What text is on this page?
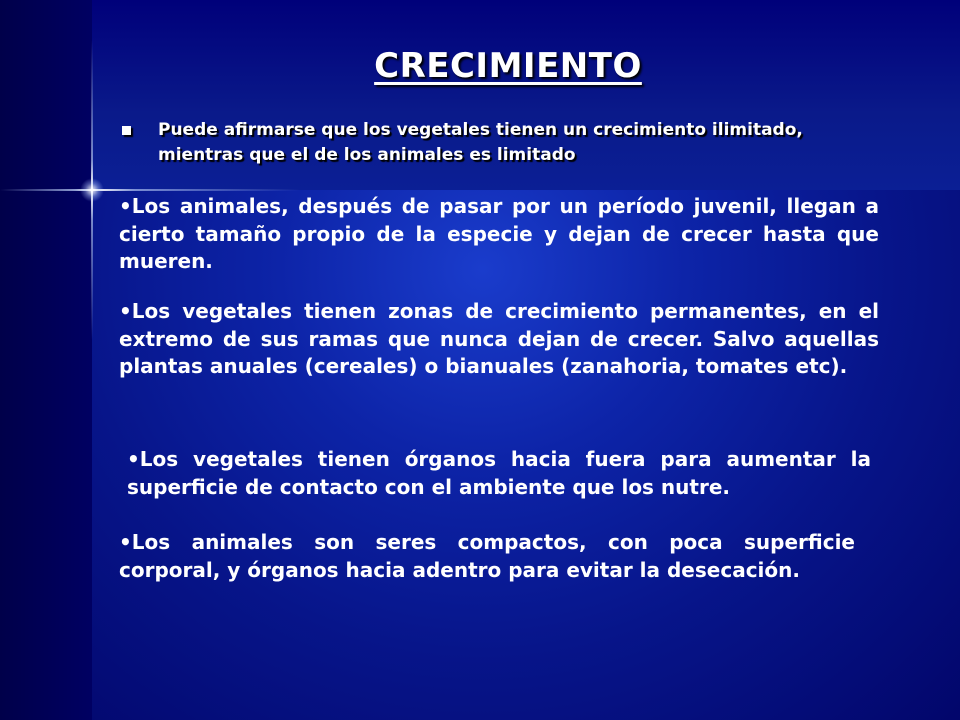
CRECIMIENTO
Puede afirmarse que los vegetales tienen un crecimiento ilimitado, mientras que el de los animales es limitado
•Los animales, después de pasar por un período juvenil, llegan a cierto tamaño propio de la especie y dejan de crecer hasta que mueren.
•Los vegetales tienen zonas de crecimiento permanentes, en el extremo de sus ramas que nunca dejan de crecer. Salvo aquellas plantas anuales (cereales) o bianuales (zanahoria, tomates etc).
•Los vegetales tienen órganos hacia fuera para aumentar la superficie de contacto con el ambiente que los nutre.
•Los animales son seres compactos, con poca superficie corporal, y órganos hacia adentro para evitar la desecación.
